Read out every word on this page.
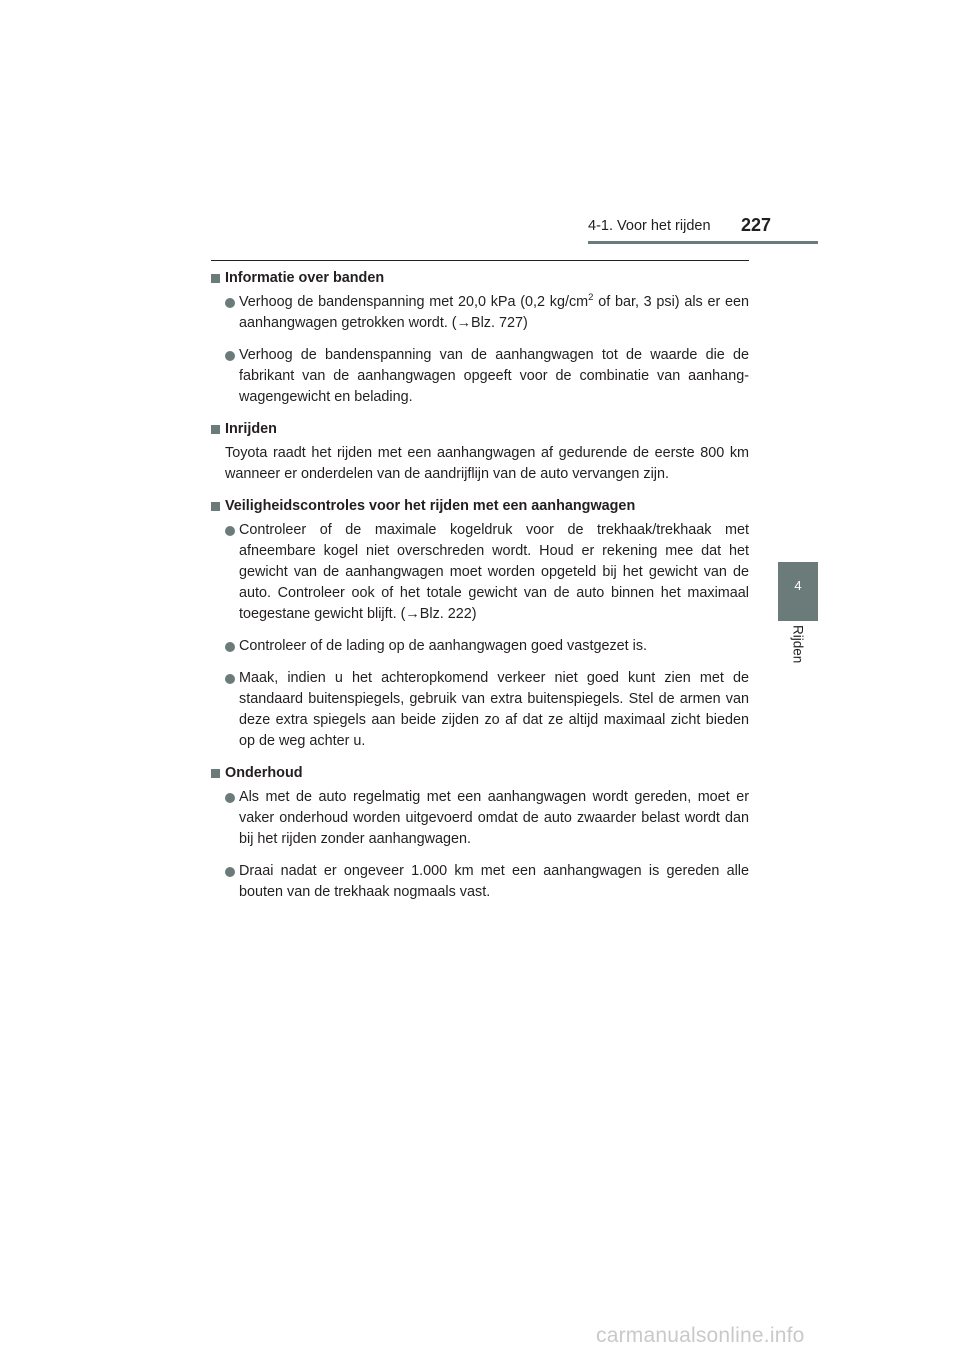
4-1. Voor het rijden 227
4
Rijden
Informatie over banden
Verhoog de bandenspanning met 20,0 kPa (0,2 $kg/cm^2$ of bar, 3 psi) als er een aanhangwagen getrokken wordt. (→Blz. 727)
Verhoog de bandenspanning van de aanhangwagen tot de waarde die de fabrikant van de aanhangwagen opgeeft voor de combinatie van aanhangwagengewicht en belading.
Inrijden
Toyota raadt het rijden met een aanhangwagen af gedurende de eerste 800 km wanneer er onderdelen van de aandrijflijn van de auto vervangen zijn.
Veiligheidscontroles voor het rijden met een aanhangwagen
Controleer of de maximale kogeldruk voor de trekhaak/trekhaak met afneembare kogel niet overschreden wordt. Houd er rekening mee dat het gewicht van de aanhangwagen moet worden opgeteld bij het gewicht van de auto. Controleer ook of het totale gewicht van de auto binnen het maximaal toegestane gewicht blijft. (→Blz. 222)
Controleer of de lading op de aanhangwagen goed vastgezet is.
Maak, indien u het achteropkomend verkeer niet goed kunt zien met de standaard buitenspiegels, gebruik van extra buitenspiegels. Stel de armen van deze extra spiegels aan beide zijden zo af dat ze altijd maximaal zicht bieden op de weg achter u.
Onderhoud
Als met de auto regelmatig met een aanhangwagen wordt gereden, moet er vaker onderhoud worden uitgevoerd omdat de auto zwaarder belast wordt dan bij het rijden zonder aanhangwagen.
Draai nadat er ongeveer 1.000 km met een aanhangwagen is gereden alle bouten van de trekhaak nogmaals vast.
carmanualsonline.info
